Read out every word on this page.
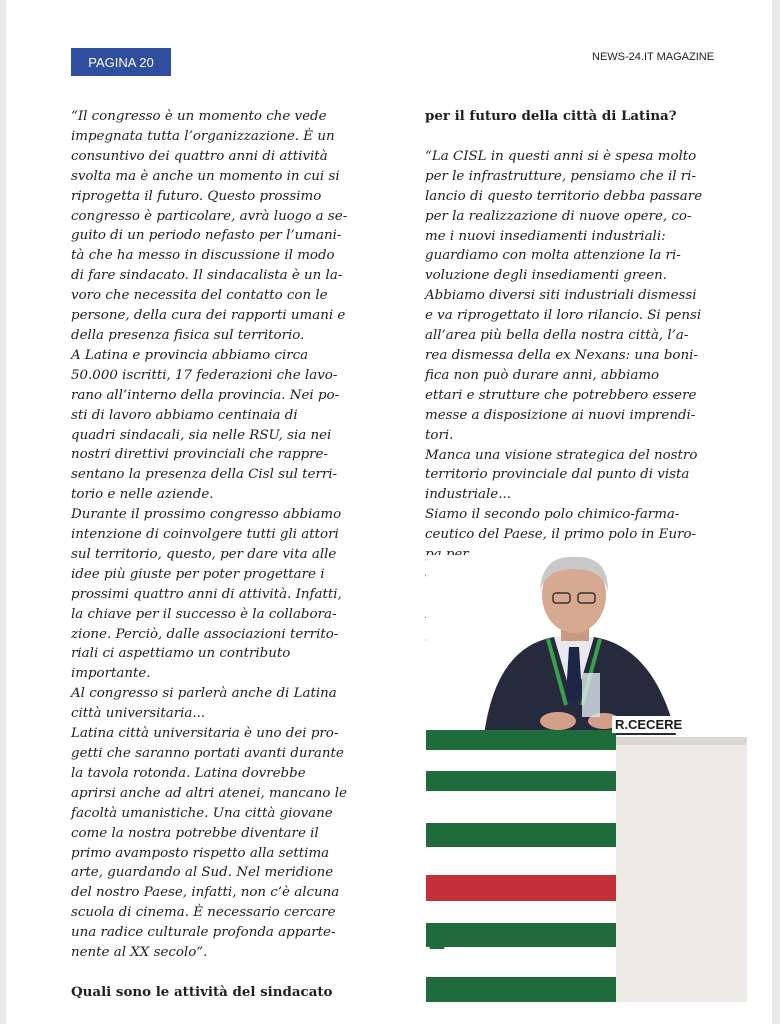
PAGINA 20	NEWS-24.IT MAGAZINE

“Il congresso è un momento che vede

impegnata tutta l’organizzazione. È un

consuntivo dei quattro anni di attività

svolta ma è anche un momento in cui si

riprogetta il futuro. Questo prossimo

congresso è particolare, avrà luogo a se-

guito di un periodo nefasto per l’umani-

tà che ha messo in discussione il modo

di fare sindacato. Il sindacalista è un la-

voro che necessita del contatto con le

persone, della cura dei rapporti umani e

della presenza fisica sul territorio.

A Latina e provincia abbiamo circa

50.000 iscritti, 17 federazioni che lavo-

rano all’interno della provincia. Nei po-

sti di lavoro abbiamo centinaia di

quadri sindacali, sia nelle RSU, sia nei

nostri direttivi provinciali che rappre-

sentano la presenza della Cisl sul terri-

torio e nelle aziende.

Durante il prossimo congresso abbiamo

intenzione di coinvolgere tutti gli attori

sul territorio, questo, per dare vita alle

idee più giuste per poter progettare i

prossimi quattro anni di attività. Infatti,

la chiave per il successo è la collabora-

zione. Perciò, dalle associazioni territo-

riali ci aspettiamo un contributo

importante.

Al congresso si parlerà anche di Latina

città universitaria...

Latina città universitaria è uno dei pro-

getti che saranno portati avanti durante

la tavola rotonda. Latina dovrebbe

aprirsi anche ad altri atenei, mancano le

facoltà umanistiche. Una città giovane

come la nostra potrebbe diventare il

primo avamposto rispetto alla settima

arte, guardando al Sud. Nel meridione

del nostro Paese, infatti, non c’è alcuna

scuola di cinema. È necessario cercare

una radice culturale profonda apparte-

nente al XX secolo”.

Quali sono le attività del sindacato

per il futuro della città di Latina?

“La CISL in questi anni si è spesa molto

per le infrastrutture, pensiamo che il ri-

lancio di questo territorio debba passare

per la realizzazione di nuove opere, co-

me i nuovi insediamenti industriali:

guardiamo con molta attenzione la ri-

voluzione degli insediamenti green.

Abbiamo diversi siti industriali dismessi

e va riprogettato il loro rilancio. Si pensi

all’area più bella della nostra città, l’a-

rea dismessa della ex Nexans: una boni-

fica non può durare anni, abbiamo

ettari e strutture che potrebbero essere

messe a disposizione ai nuovi imprendi-

tori.

Manca una visione strategica del nostro

territorio provinciale dal punto di vista

industriale...

Siamo il secondo polo chimico-farma-

ceutico del Paese, il primo polo in Euro-

E
A
R.CECERE
